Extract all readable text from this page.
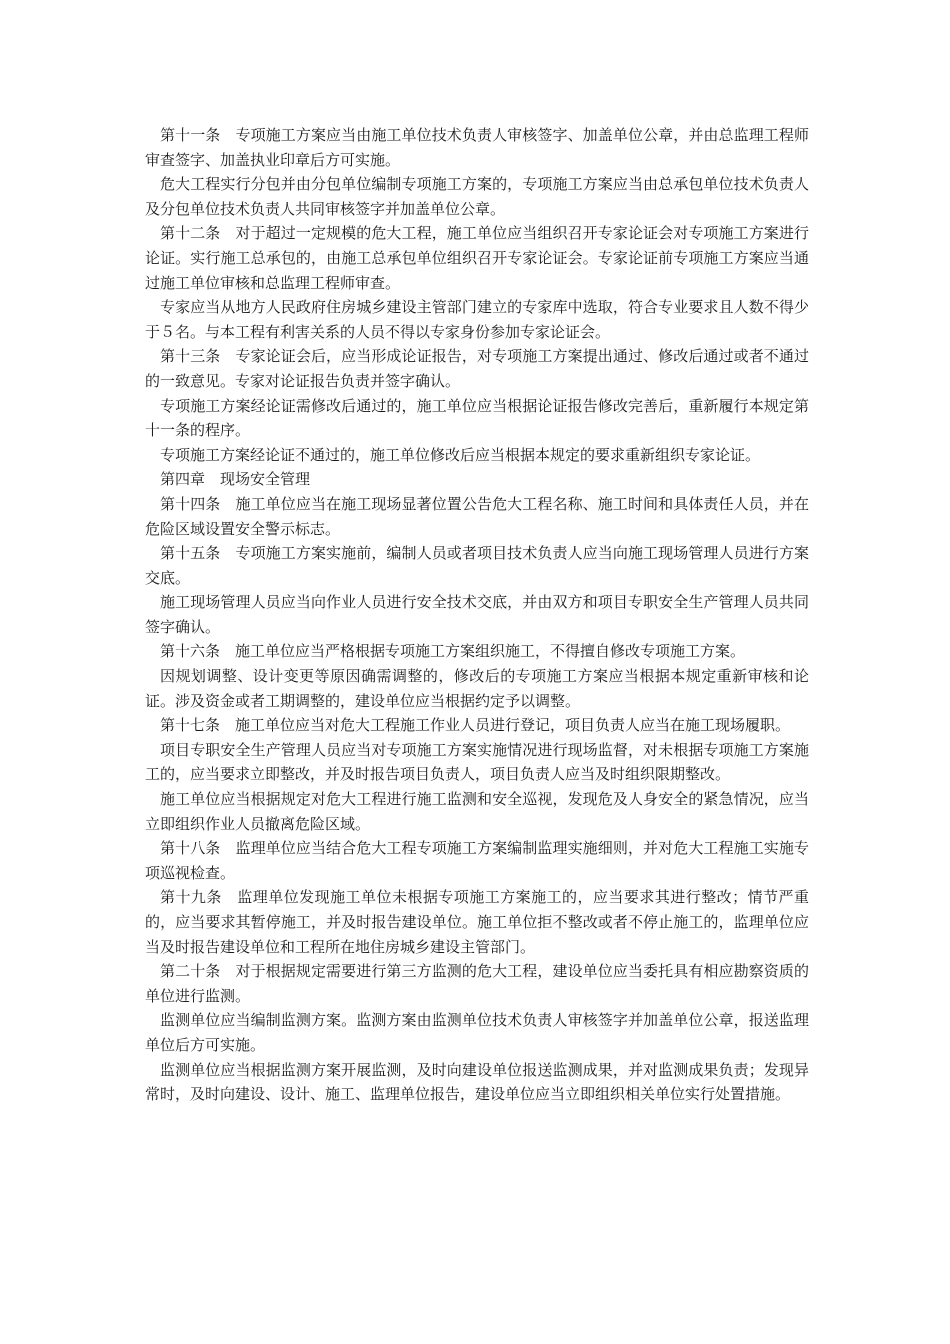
第十一条　专项施工方案应当由施工单位技术负责人审核签字、加盖单位公章，并由总监理工程师审查签字、加盖执业印章后方可实施。

危大工程实行分包并由分包单位编制专项施工方案的，专项施工方案应当由总承包单位技术负责人及分包单位技术负责人共同审核签字并加盖单位公章。

第十二条　对于超过一定规模的危大工程，施工单位应当组织召开专家论证会对专项施工方案进行论证。实行施工总承包的，由施工总承包单位组织召开专家论证会。专家论证前专项施工方案应当通过施工单位审核和总监理工程师审查。

专家应当从地方人民政府住房城乡建设主管部门建立的专家库中选取，符合专业要求且人数不得少于５名。与本工程有利害关系的人员不得以专家身份参加专家论证会。

第十三条　专家论证会后，应当形成论证报告，对专项施工方案提出通过、修改后通过或者不通过的一致意见。专家对论证报告负责并签字确认。

专项施工方案经论证需修改后通过的，施工单位应当根据论证报告修改完善后，重新履行本规定第十一条的程序。

专项施工方案经论证不通过的，施工单位修改后应当根据本规定的要求重新组织专家论证。

第四章　现场安全管理

第十四条　施工单位应当在施工现场显著位置公告危大工程名称、施工时间和具体责任人员，并在危险区域设置安全警示标志。

第十五条　专项施工方案实施前，编制人员或者项目技术负责人应当向施工现场管理人员进行方案交底。

施工现场管理人员应当向作业人员进行安全技术交底，并由双方和项目专职安全生产管理人员共同签字确认。

第十六条　施工单位应当严格根据专项施工方案组织施工，不得擅自修改专项施工方案。

因规划调整、设计变更等原因确需调整的，修改后的专项施工方案应当根据本规定重新审核和论证。涉及资金或者工期调整的，建设单位应当根据约定予以调整。

第十七条　施工单位应当对危大工程施工作业人员进行登记，项目负责人应当在施工现场履职。

项目专职安全生产管理人员应当对专项施工方案实施情况进行现场监督，对未根据专项施工方案施工的，应当要求立即整改，并及时报告项目负责人，项目负责人应当及时组织限期整改。

施工单位应当根据规定对危大工程进行施工监测和安全巡视，发现危及人身安全的紧急情况，应当立即组织作业人员撤离危险区域。

第十八条　监理单位应当结合危大工程专项施工方案编制监理实施细则，并对危大工程施工实施专项巡视检查。

第十九条　监理单位发现施工单位未根据专项施工方案施工的，应当要求其进行整改；情节严重的，应当要求其暂停施工，并及时报告建设单位。施工单位拒不整改或者不停止施工的，监理单位应当及时报告建设单位和工程所在地住房城乡建设主管部门。

第二十条　对于根据规定需要进行第三方监测的危大工程，建设单位应当委托具有相应勘察资质的单位进行监测。

监测单位应当编制监测方案。监测方案由监测单位技术负责人审核签字并加盖单位公章，报送监理单位后方可实施。

监测单位应当根据监测方案开展监测，及时向建设单位报送监测成果，并对监测成果负责；发现异常时，及时向建设、设计、施工、监理单位报告，建设单位应当立即组织相关单位实行处置措施。
